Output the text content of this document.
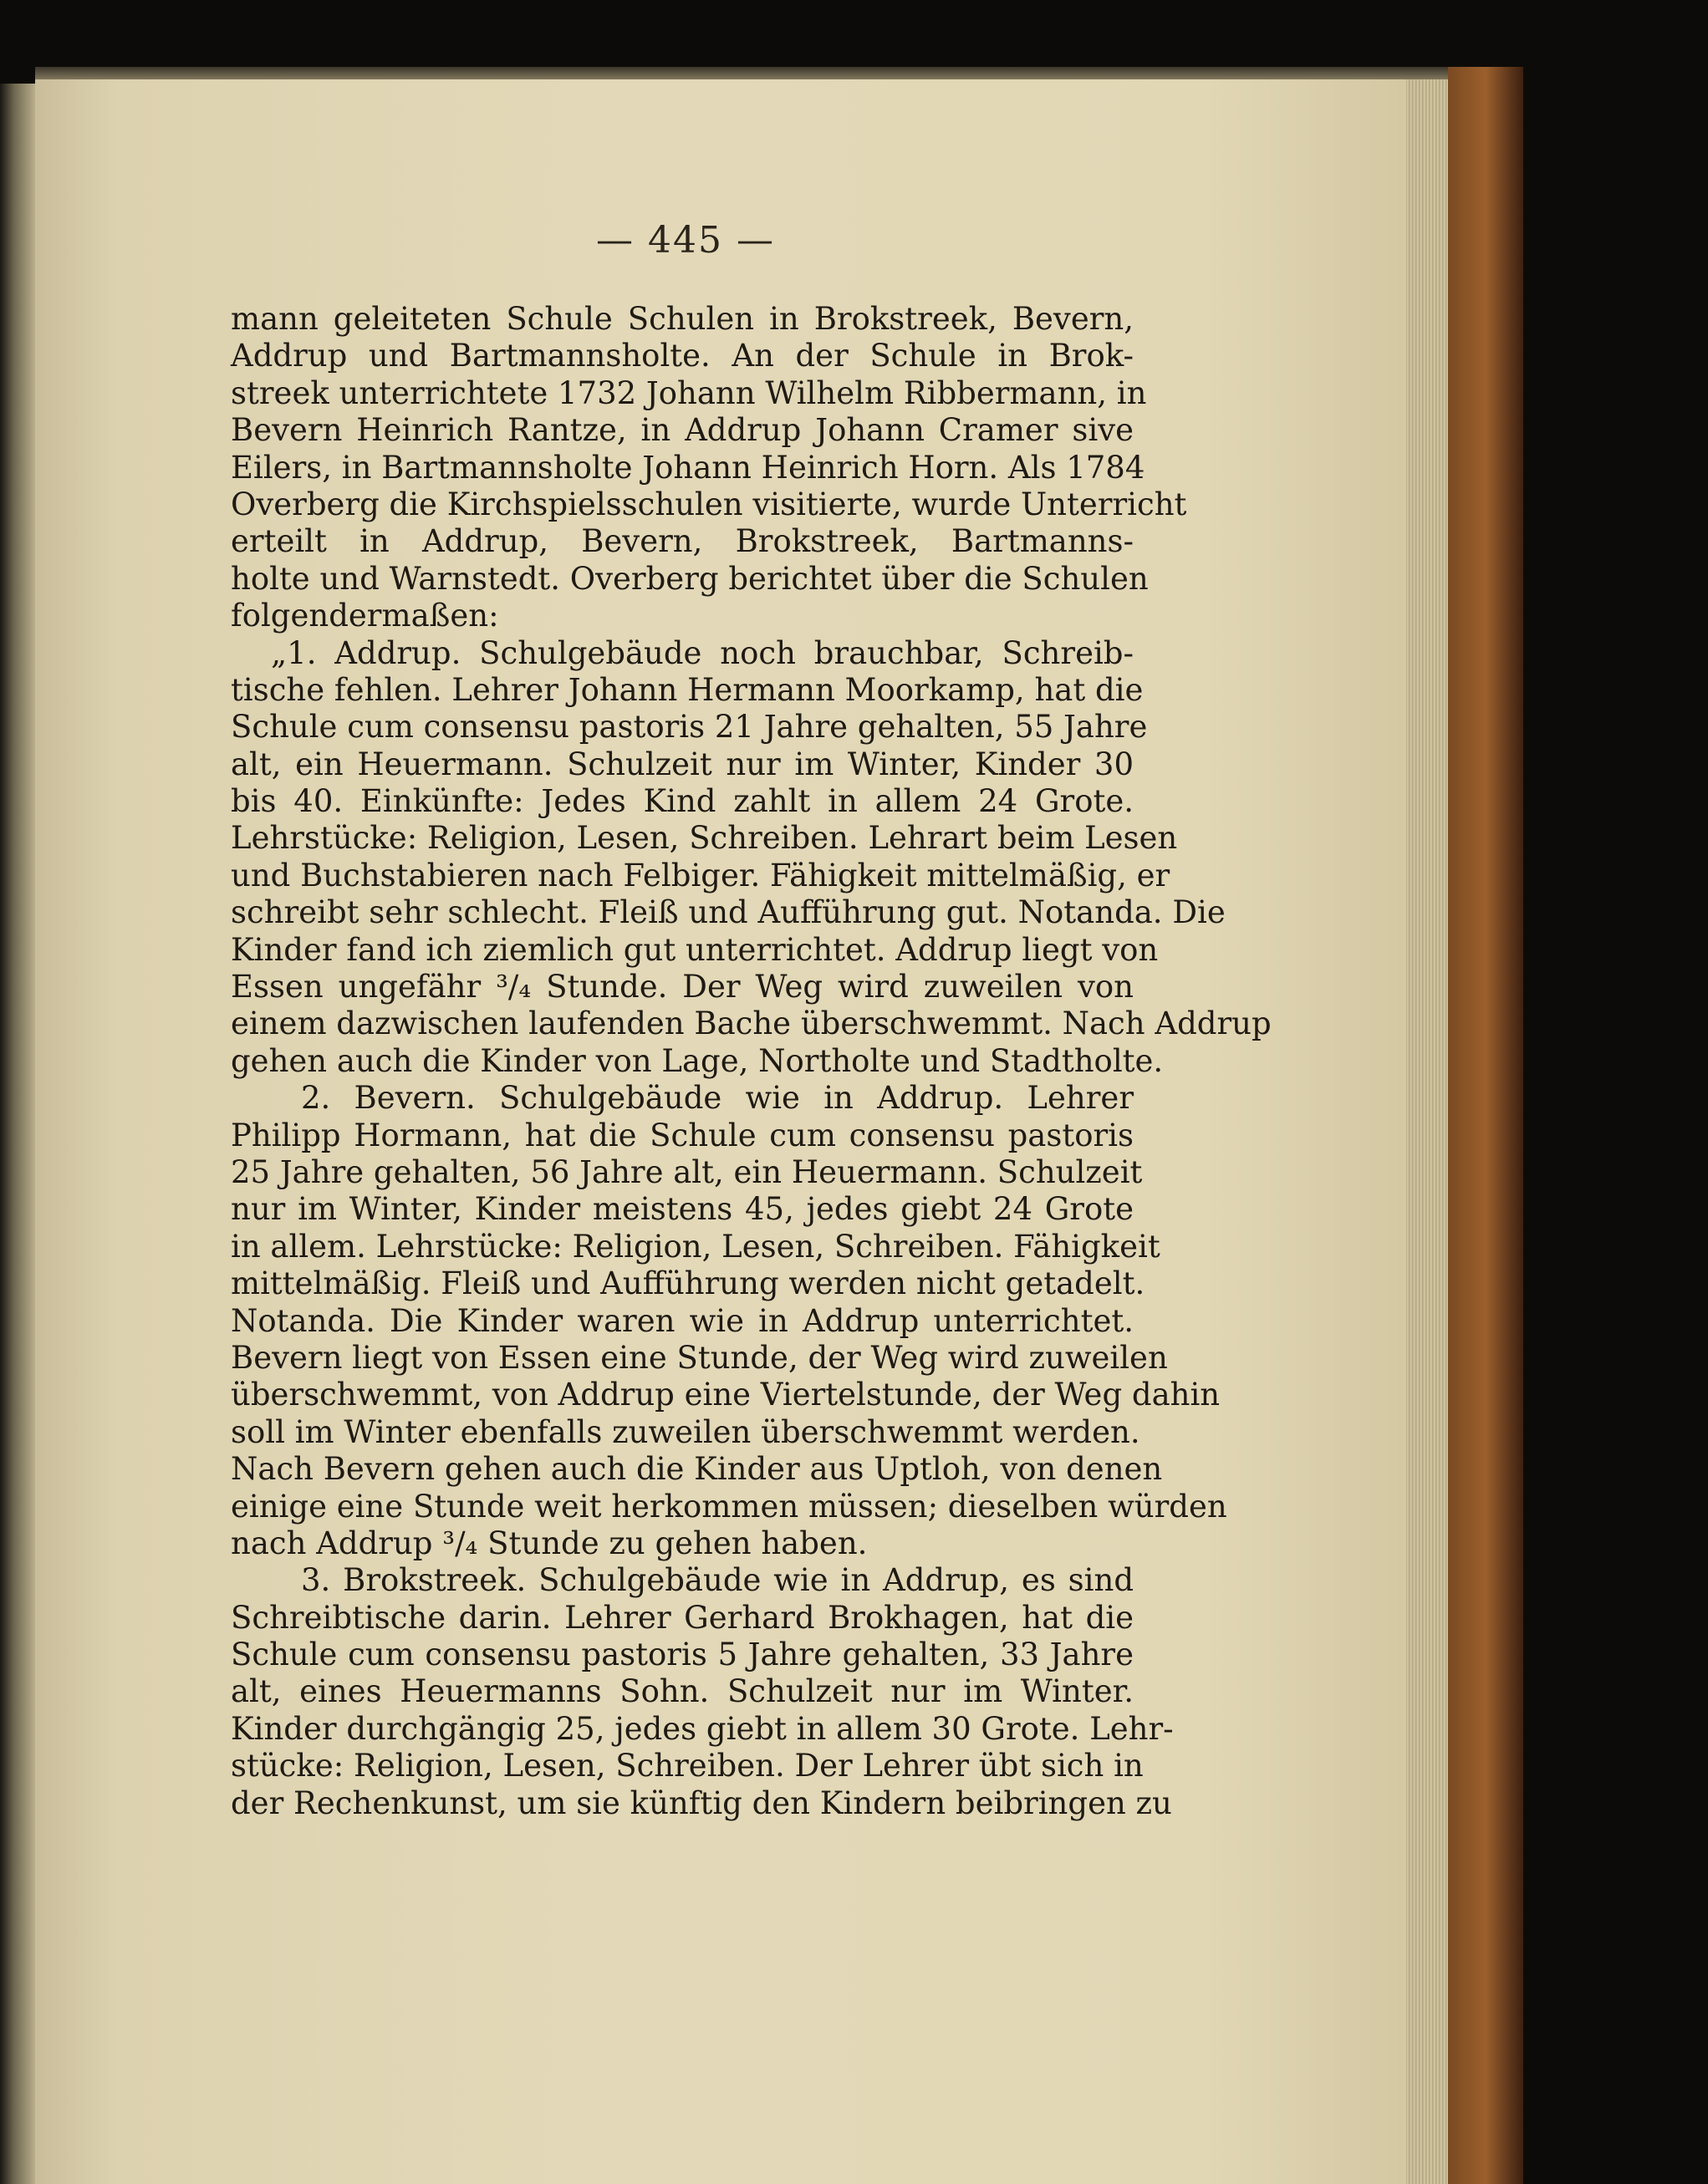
— 445 —
mann geleiteten Schule Schulen in Brokstreek, Bevern,
Addrup und Bartmannsholte. An der Schule in Brok-
streek unterrichtete 1732 Johann Wilhelm Ribbermann, in
Bevern Heinrich Rantze, in Addrup Johann Cramer sive
Eilers, in Bartmannsholte Johann Heinrich Horn. Als 1784
Overberg die Kirchspielsschulen visitierte, wurde Unterricht
erteilt in Addrup, Bevern, Brokstreek, Bartmanns-
holte und Warnstedt. Overberg berichtet über die Schulen
folgendermaßen:
„1. Addrup. Schulgebäude noch brauchbar, Schreib-
tische fehlen. Lehrer Johann Hermann Moorkamp, hat die
Schule cum consensu pastoris 21 Jahre gehalten, 55 Jahre
alt, ein Heuermann. Schulzeit nur im Winter, Kinder 30
bis 40. Einkünfte: Jedes Kind zahlt in allem 24 Grote.
Lehrstücke: Religion, Lesen, Schreiben. Lehrart beim Lesen
und Buchstabieren nach Felbiger. Fähigkeit mittelmäßig, er
schreibt sehr schlecht. Fleiß und Aufführung gut. Notanda. Die
Kinder fand ich ziemlich gut unterrichtet. Addrup liegt von
Essen ungefähr ³/₄ Stunde. Der Weg wird zuweilen von
einem dazwischen laufenden Bache überschwemmt. Nach Addrup
gehen auch die Kinder von Lage, Northolte und Stadtholte.
2. Bevern. Schulgebäude wie in Addrup. Lehrer
Philipp Hormann, hat die Schule cum consensu pastoris
25 Jahre gehalten, 56 Jahre alt, ein Heuermann. Schulzeit
nur im Winter, Kinder meistens 45, jedes giebt 24 Grote
in allem. Lehrstücke: Religion, Lesen, Schreiben. Fähigkeit
mittelmäßig. Fleiß und Aufführung werden nicht getadelt.
Notanda. Die Kinder waren wie in Addrup unterrichtet.
Bevern liegt von Essen eine Stunde, der Weg wird zuweilen
überschwemmt, von Addrup eine Viertelstunde, der Weg dahin
soll im Winter ebenfalls zuweilen überschwemmt werden.
Nach Bevern gehen auch die Kinder aus Uptloh, von denen
einige eine Stunde weit herkommen müssen; dieselben würden
nach Addrup ³/₄ Stunde zu gehen haben.
3. Brokstreek. Schulgebäude wie in Addrup, es sind
Schreibtische darin. Lehrer Gerhard Brokhagen, hat die
Schule cum consensu pastoris 5 Jahre gehalten, 33 Jahre
alt, eines Heuermanns Sohn. Schulzeit nur im Winter.
Kinder durchgängig 25, jedes giebt in allem 30 Grote. Lehr-
stücke: Religion, Lesen, Schreiben. Der Lehrer übt sich in
der Rechenkunst, um sie künftig den Kindern beibringen zu
